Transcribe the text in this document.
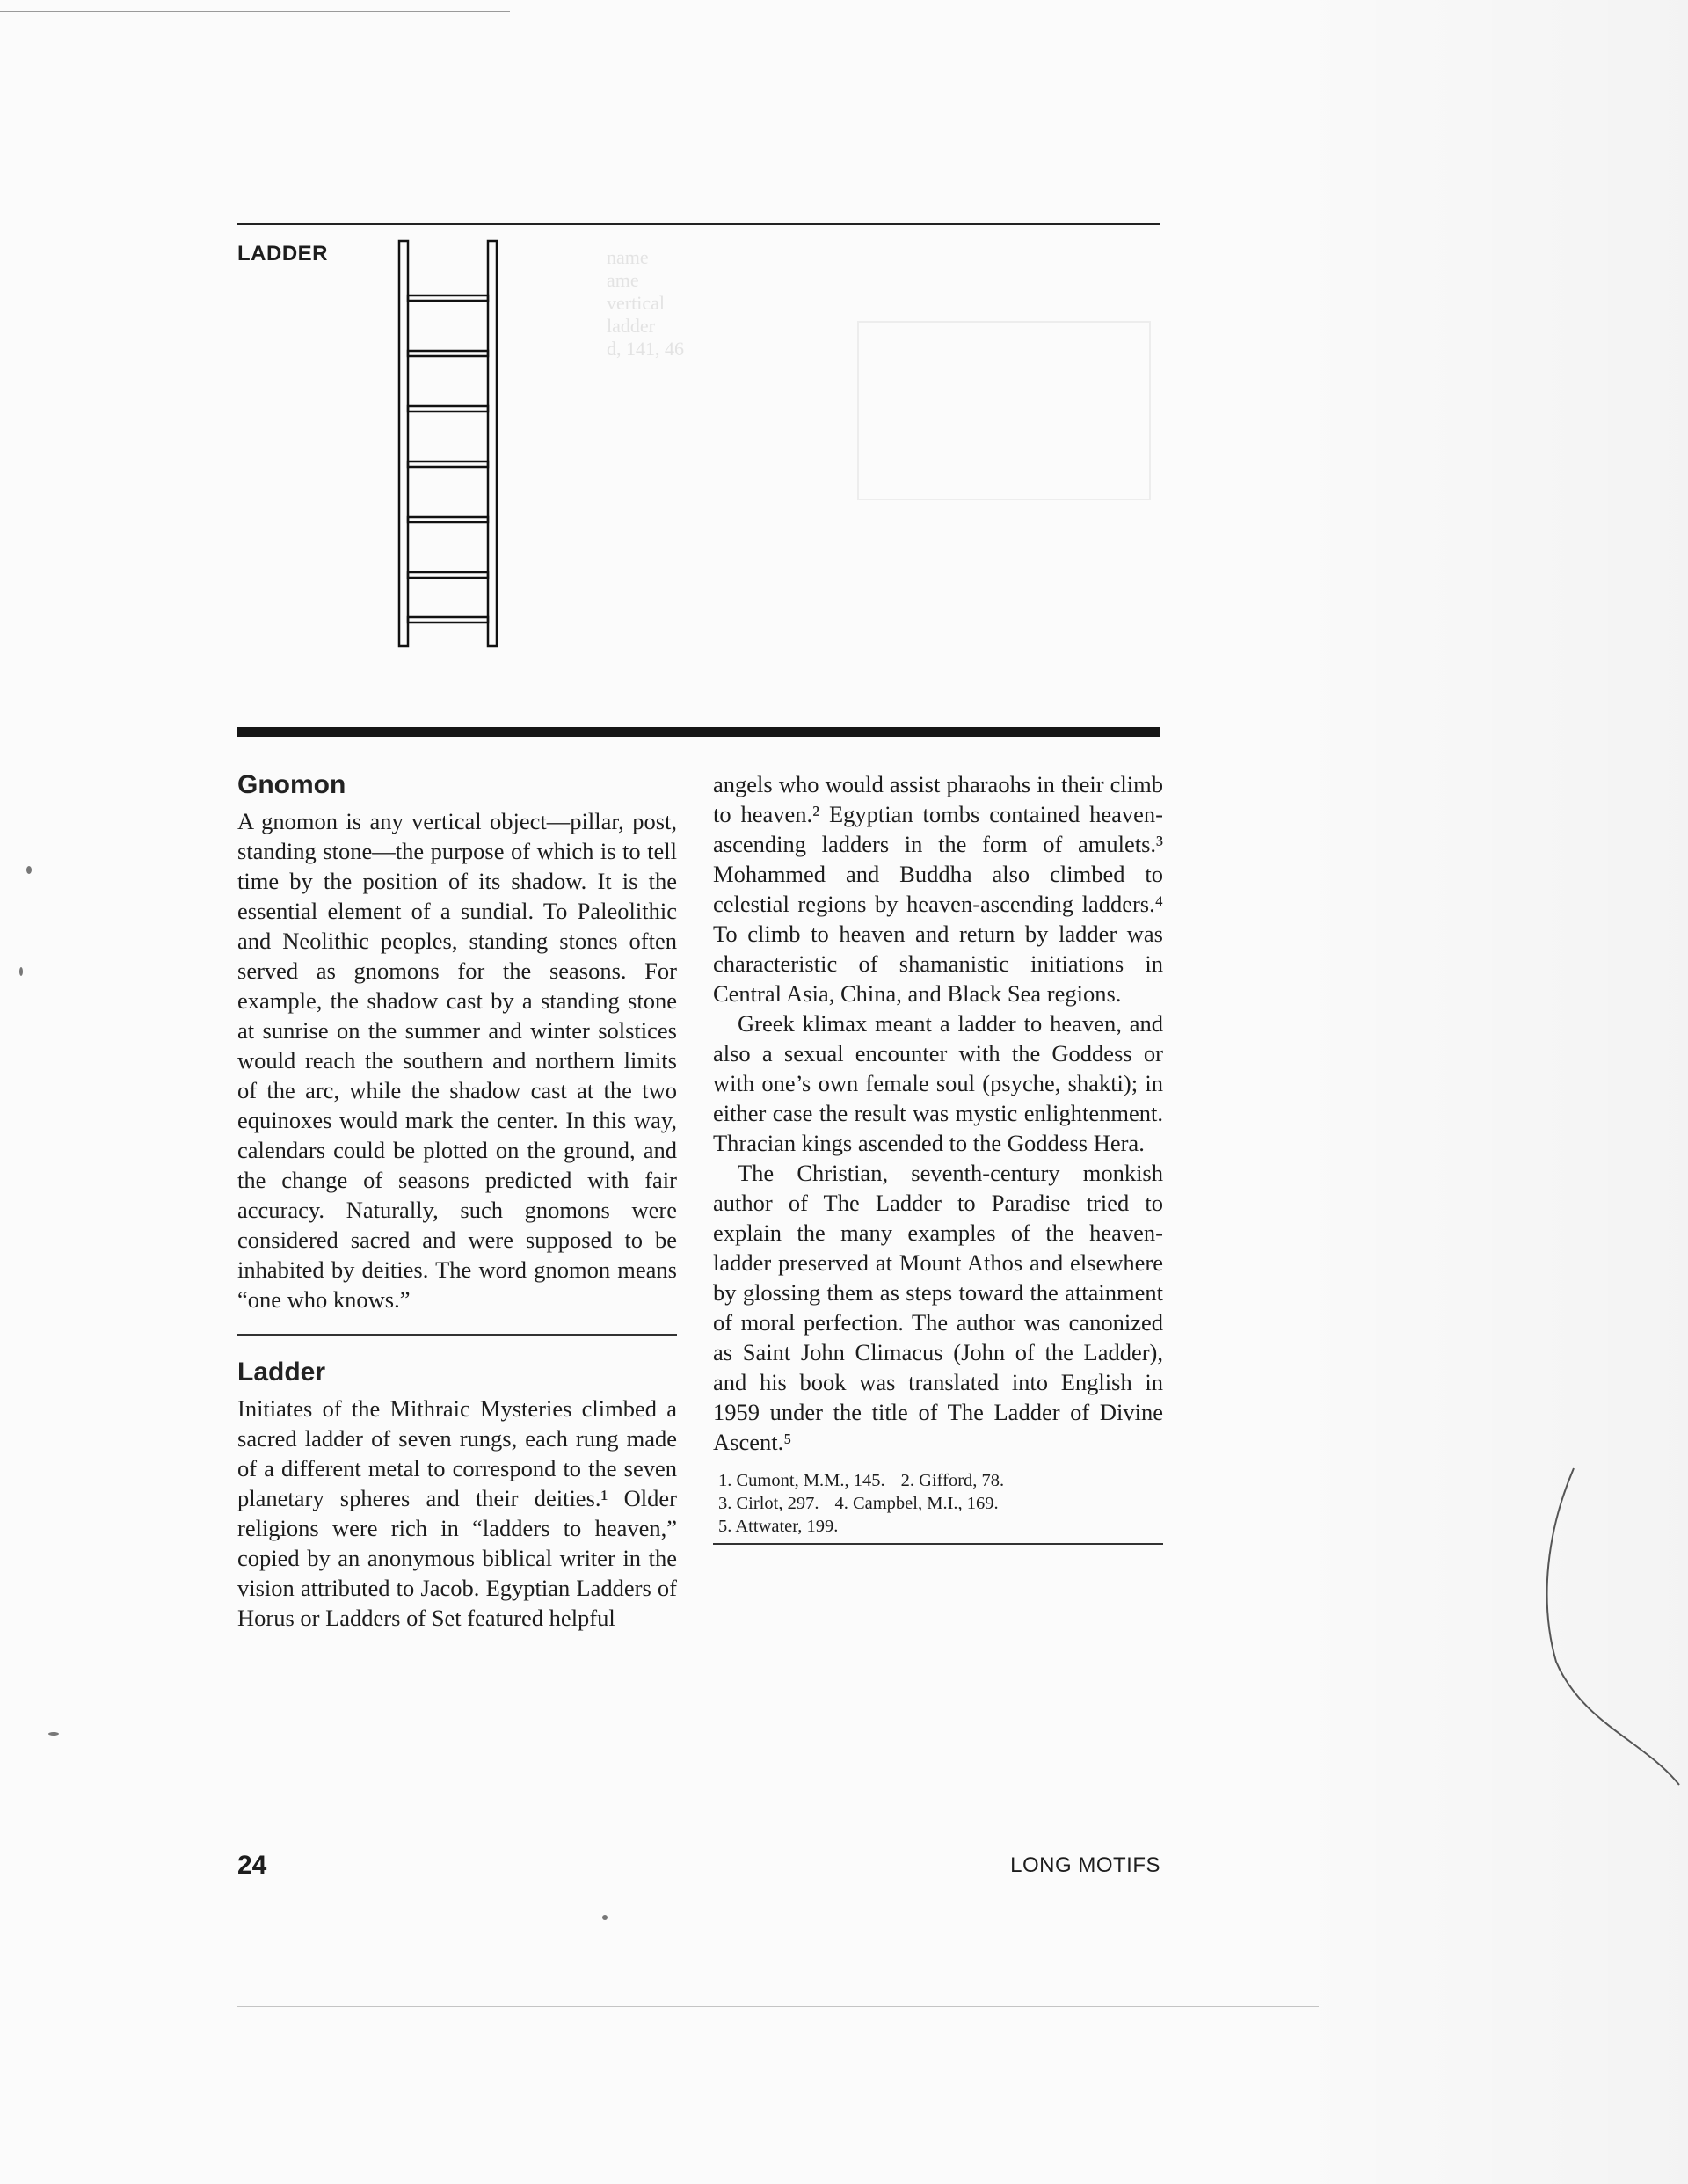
LADDER	name
ame
vertical
ladder
d, 141, 46
Gnomon

A gnomon is any vertical object—pillar, post, standing stone—the purpose of which is to tell time by the position of its shadow. It is the essential element of a sundial. To Paleolithic and Neolithic peoples, standing stones often served as gnomons for the seasons. For example, the shadow cast by a standing stone at sunrise on the summer and winter solstices would reach the southern and northern limits of the arc, while the shadow cast at the two equinoxes would mark the center. In this way, calendars could be plotted on the ground, and the change of seasons predicted with fair accuracy. Naturally, such gnomons were considered sacred and were supposed to be inhabited by deities. The word gnomon means “one who knows.”

Ladder

Initiates of the Mithraic Mysteries climbed a sacred ladder of seven rungs, each rung made of a different metal to correspond to the seven planetary spheres and their deities.¹ Older religions were rich in “ladders to heaven,” copied by an anonymous biblical writer in the vision attributed to Jacob. Egyptian Ladders of Horus or Ladders of Set featured helpful

angels who would assist pharaohs in their climb to heaven.² Egyptian tombs contained heaven-ascending ladders in the form of amulets.³ Mohammed and Buddha also climbed to celestial regions by heaven-ascending ladders.⁴ To climb to heaven and return by ladder was characteristic of shamanistic initiations in Central Asia, China, and Black Sea regions.

Greek klimax meant a ladder to heaven, and also a sexual encounter with the Goddess or with one’s own female soul (psyche, shakti); in either case the result was mystic enlightenment. Thracian kings ascended to the Goddess Hera.

The Christian, seventh-century monkish author of The Ladder to Paradise tried to explain the many examples of the heaven-ladder preserved at Mount Athos and elsewhere by glossing them as steps toward the attainment of moral perfection. The author was canonized as Saint John Climacus (John of the Ladder), and his book was translated into English in 1959 under the title of The Ladder of Divine Ascent.⁵

1. Cumont, M.M., 145. 2. Gifford, 78.
3. Cirlot, 297. 4. Campbel, M.I., 169.
5. Attwater, 199.
24	LONG MOTIFS
